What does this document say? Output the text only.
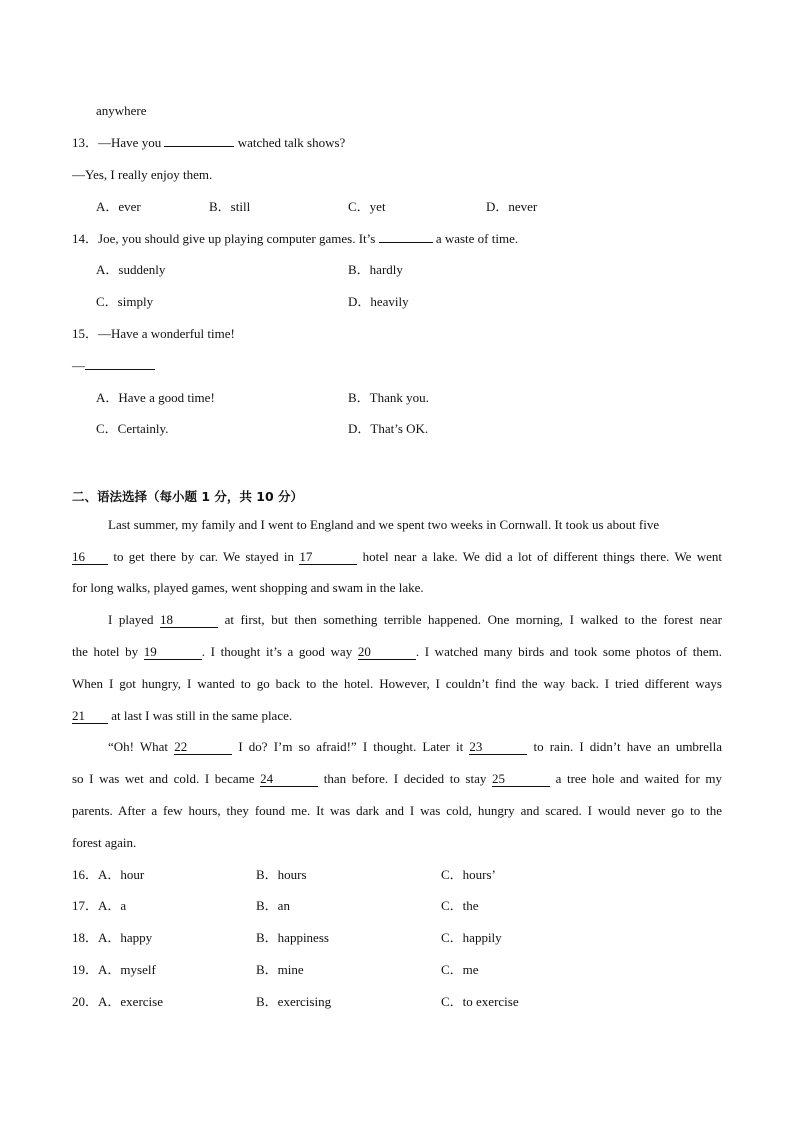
anywhere
13．—Have you	watched talk shows?
—Yes, I really enjoy them.
A．ever	B．still	C．yet	D．never
14．Joe, you should give up playing computer games. It’s	a waste of time.
A．suddenly	B．hardly
C．simply	D．heavily
15．—Have a wonderful time!
—
A．Have a good time!	B．Thank you.
C．Certainly.	D．That’s OK.
二、语法选择（每小题 1 分，共 10 分）
Last summer, my family and I went to England and we spent two weeks in Cornwall. It took us about five
16 to get there by car. We stayed in 17	hotel near a lake. We did a lot of different things there. We went
for long walks, played games, went shopping and swam in the lake.
I played 18	at first, but then something terrible happened. One morning, I walked to the forest near
the hotel by 19	. I thought it’s a good way 20	. I watched many birds and took some photos of them.
When I got hungry, I wanted to go back to the hotel. However, I couldn’t find the way back. I tried different ways
21 at last I was still in the same place.
“Oh! What 22	I do? I’m so afraid!” I thought. Later it 23	to rain. I didn’t have an umbrella
so I was wet and cold. I became 24	than before. I decided to stay 25	a tree hole and waited for my
parents. After a few hours, they found me. It was dark and I was cold, hungry and scared. I would never go to the
forest again.
16．A．hour	B．hours	C．hours’
17．A．a	B．an	C．the
18．A．happy	B．happiness	C．happily
19．A．myself	B．mine	C．me
20．A．exercise	B．exercising	C．to exercise
